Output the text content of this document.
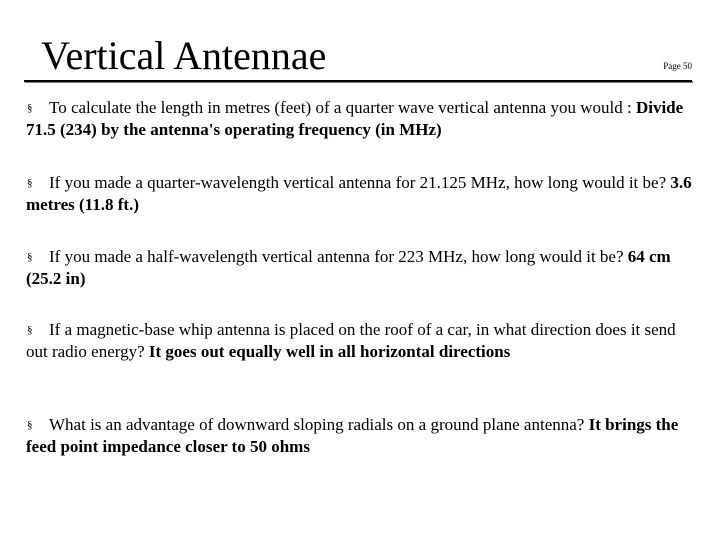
Vertical Antennae	Page 50
§ To calculate the length in metres (feet) of a quarter wave vertical antenna you would : Divide 71.5 (234) by the antenna's operating frequency (in MHz)
§ If you made a quarter-wavelength vertical antenna for 21.125 MHz, how long would it be? 3.6 metres (11.8 ft.)
§ If you made a half-wavelength vertical antenna for 223 MHz, how long would it be? 64 cm (25.2 in)
§ If a magnetic-base whip antenna is placed on the roof of a car, in what direction does it send out radio energy? It goes out equally well in all horizontal directions
§ What is an advantage of downward sloping radials on a ground plane antenna? It brings the feed point impedance closer to 50 ohms
